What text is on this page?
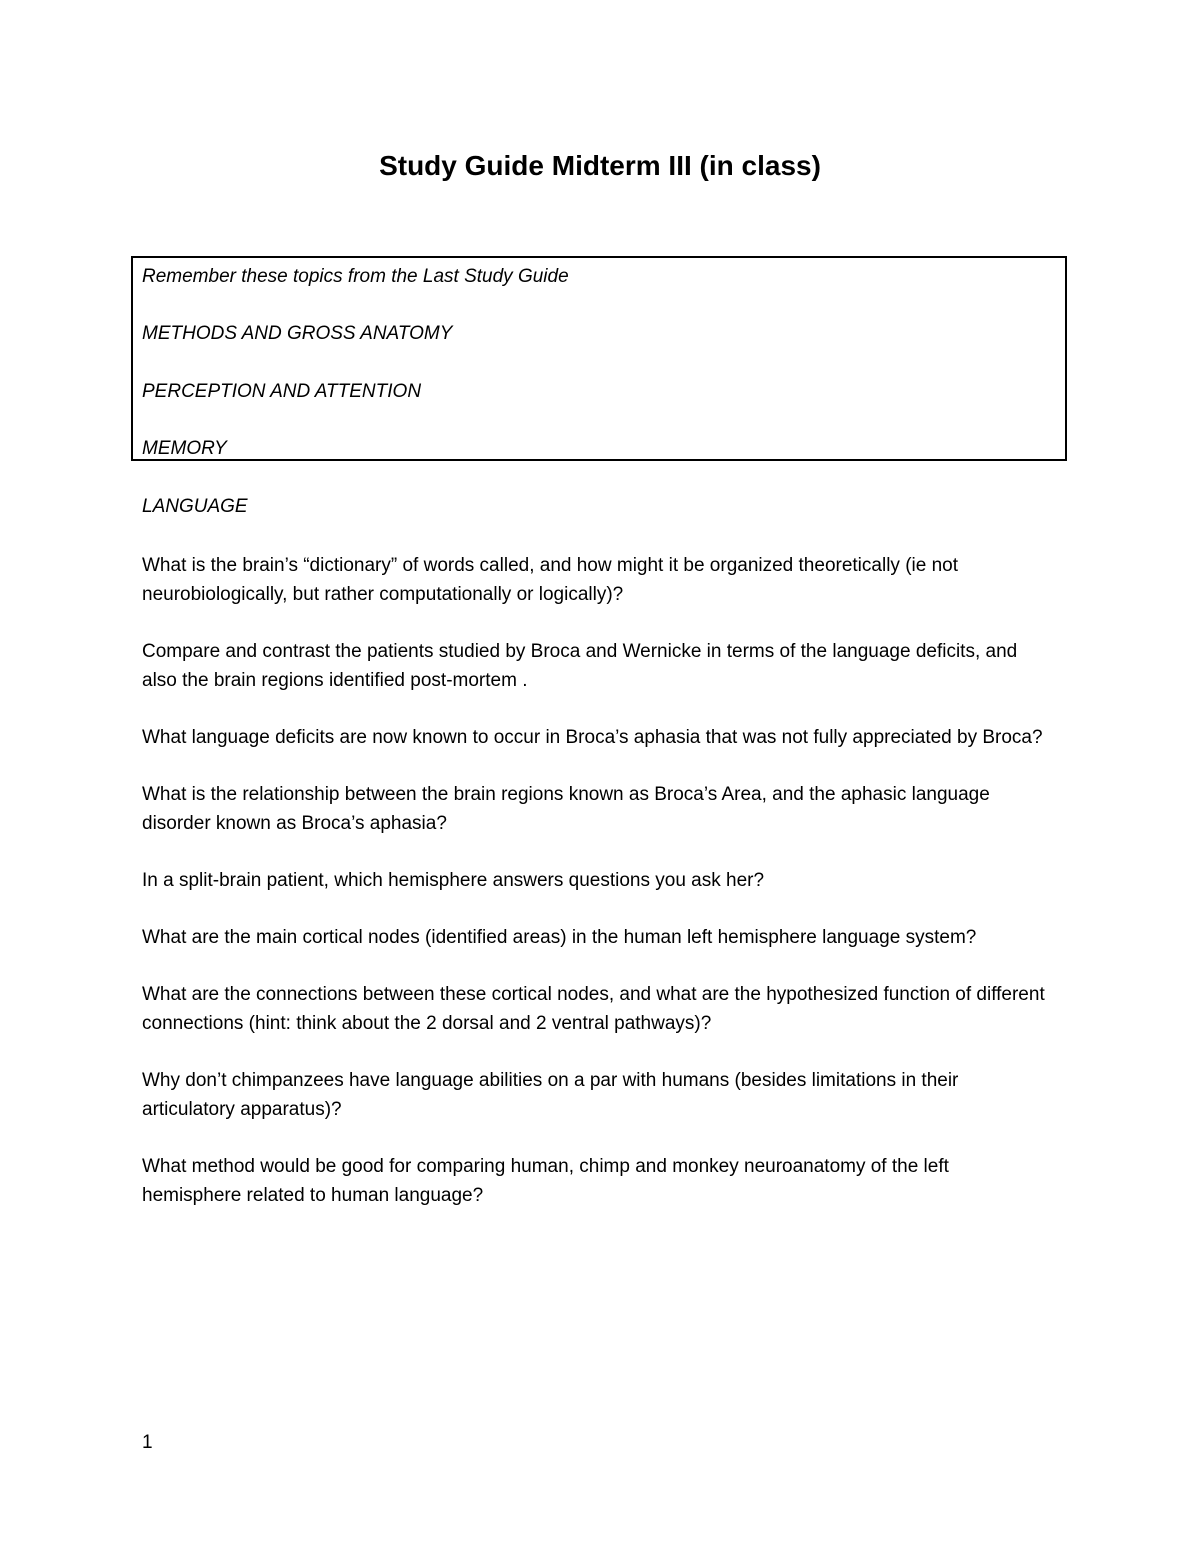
Study Guide Midterm III (in class)

Remember these topics from the Last Study Guide

METHODS AND GROSS ANATOMY

PERCEPTION AND ATTENTION

MEMORY

LANGUAGE

What is the brain’s “dictionary” of words called, and how might it be organized theoretically (ie not neurobiologically, but rather computationally or logically)?
Compare and contrast the patients studied by Broca and Wernicke in terms of the language deficits, and also the brain regions identified post-mortem .
What language deficits are now known to occur in Broca’s aphasia that was not fully appreciated by Broca?
What is the relationship between the brain regions known as Broca’s Area, and the aphasic language disorder known as Broca’s aphasia?
In a split-brain patient, which hemisphere answers questions you ask her?
What are the main cortical nodes (identified areas) in the human left hemisphere language system?
What are the connections between these cortical nodes, and what are the hypothesized function of different connections (hint: think about the 2 dorsal and 2 ventral pathways)?
Why don’t chimpanzees have language abilities on a par with humans (besides limitations in their articulatory apparatus)?
What method would be good for comparing human, chimp and monkey neuroanatomy of the left hemisphere related to human language?

1
